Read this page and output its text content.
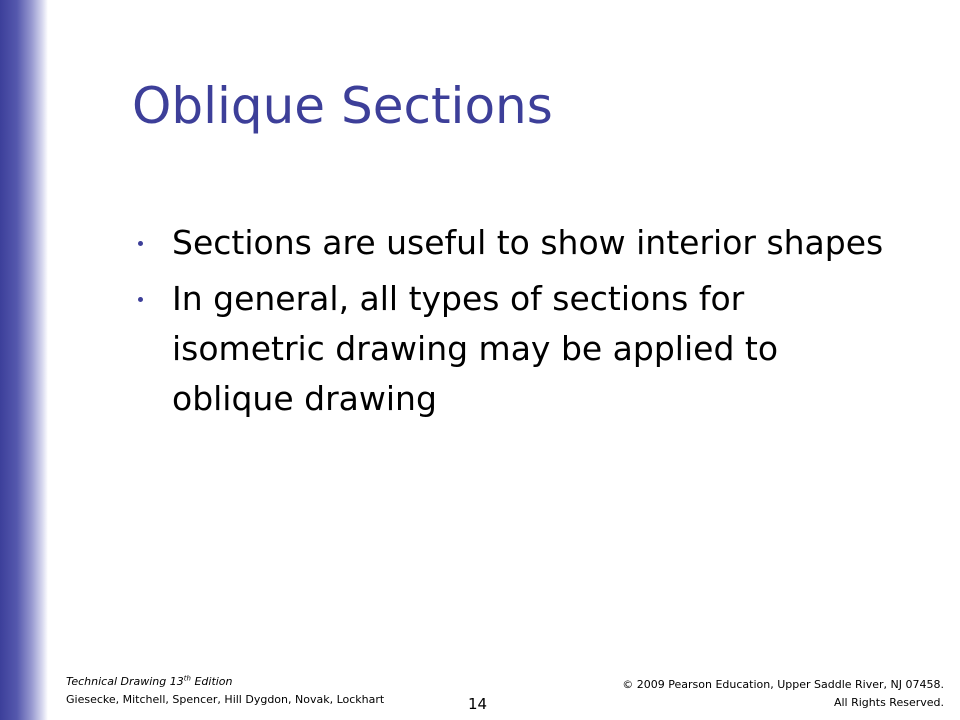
Oblique Sections
Sections are useful to show interior shapes
In general, all types of sections for isometric drawing may be applied to oblique drawing
Technical Drawing 13th Edition
Giesecke, Mitchell, Spencer, Hill Dygdon, Novak, Lockhart	14
© 2009 Pearson Education, Upper Saddle River, NJ 07458.
All Rights Reserved.
